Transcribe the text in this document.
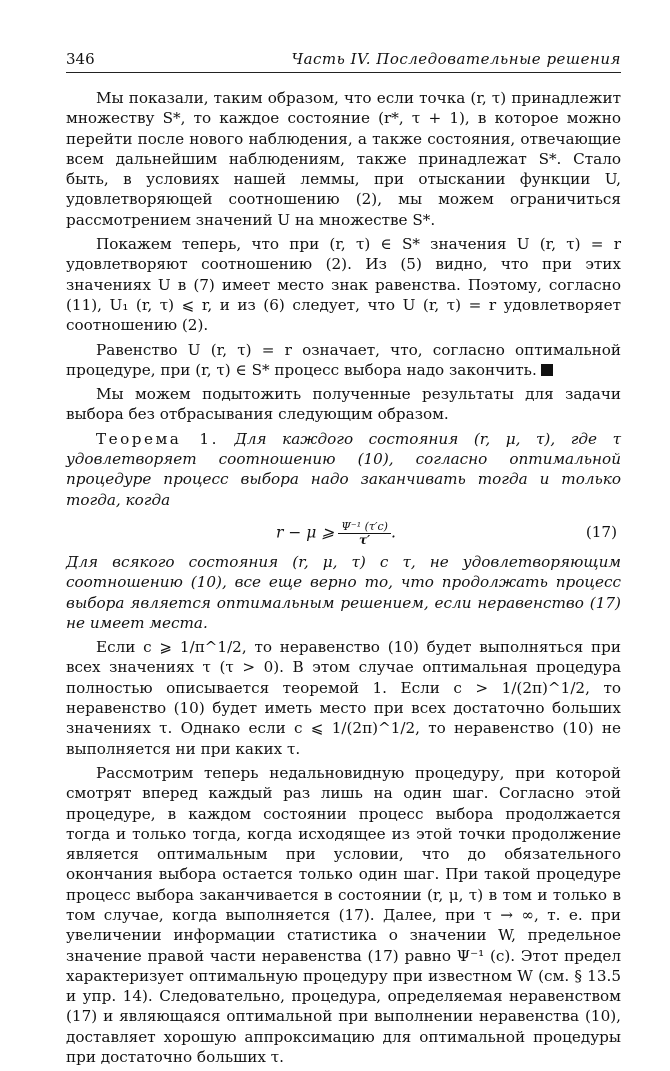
346	Часть IV. Последовательные решения

Мы показали, таким образом, что если точка (r, τ) принадлежит множеству S*, то каждое состояние (r*, τ + 1), в которое можно перейти после нового наблюдения, а также состояния, отвечающие всем дальнейшим наблюдениям, также принадлежат S*. Стало быть, в условиях нашей леммы, при отыскании функции U, удовлетворяющей соотношению (2), мы можем ограничиться рассмотрением значений U на множестве S*.

Покажем теперь, что при (r, τ) ∈ S* значения U (r, τ) = r удовлетворяют соотношению (2). Из (5) видно, что при этих значениях U в (7) имеет место знак равенства. Поэтому, согласно (11), U₁ (r, τ) ⩽ r, и из (6) следует, что U (r, τ) = r удовлетворяет соотношению (2).

Равенство U (r, τ) = r означает, что, согласно оптимальной процедуре, при (r, τ) ∈ S* процесс выбора надо закончить.

Мы можем подытожить полученные результаты для задачи выбора без отбрасывания следующим образом.

Теорема 1. Для каждого состояния (r, μ, τ), где τ удовлетворяет соотношению (10), согласно оптимальной процедуре процесс выбора надо заканчивать тогда и только тогда, когда

r − μ ⩾ $\frac{\text{Ψ⁻¹ (τ′c)}}{\tau'}$ .	(17)

Для всякого состояния (r, μ, τ) с τ, не удовлетворяющим соотношению (10), все еще верно то, что продолжать процесс выбора является оптимальным решением, если неравенство (17) не имеет места.

Если c ⩾ 1/π^1/2, то неравенство (10) будет выполняться при всех значениях τ (τ > 0). В этом случае оптимальная процедура полностью описывается теоремой 1. Если c > 1/(2π)^1/2, то неравенство (10) будет иметь место при всех достаточно больших значениях τ. Однако если c ⩽ 1/(2π)^1/2, то неравенство (10) не выполняется ни при каких τ.

Рассмотрим теперь недальновидную процедуру, при которой смотрят вперед каждый раз лишь на один шаг. Согласно этой процедуре, в каждом состоянии процесс выбора продолжается тогда и только тогда, когда исходящее из этой точки продолжение является оптимальным при условии, что до обязательного окончания выбора остается только один шаг. При такой процедуре процесс выбора заканчивается в состоянии (r, μ, τ) в том и только в том случае, когда выполняется (17). Далее, при τ → ∞, т. е. при увеличении информации статистика о значении W, предельное значение правой части неравенства (17) равно Ψ⁻¹ (c). Этот предел характеризует оптимальную процедуру при известном W (см. § 13.5 и упр. 14). Следовательно, процедура, определяемая неравенством (17) и являющаяся оптимальной при выполнении неравенства (10), доставляет хорошую аппроксимацию для оптимальной процедуры при достаточно больших τ.
